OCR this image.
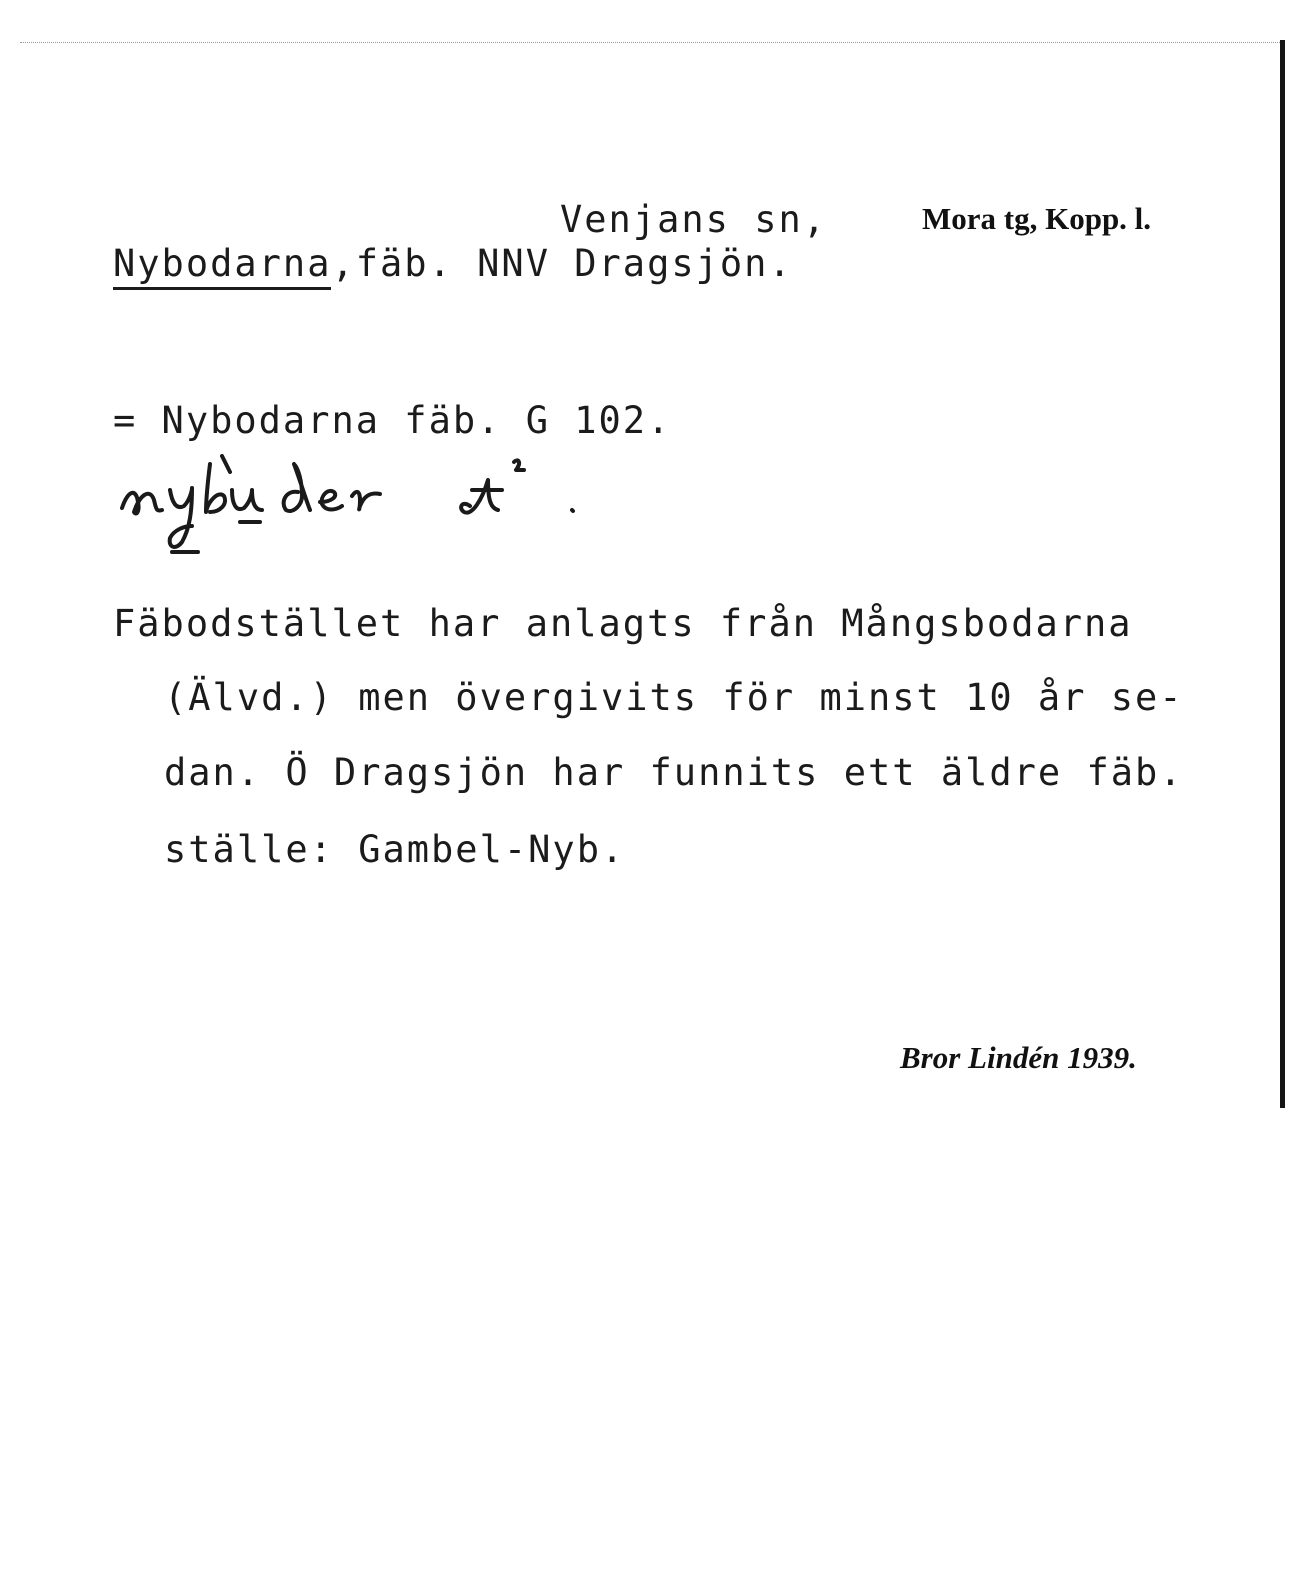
Venjans sn,	Mora tg, Kopp. l.
Nybodarna,fäb. NNV Dragsjön.
= Nybodarna fäb. G 102.
Fäbodstället har anlagts från Mångsbodarna
(Älvd.) men övergivits för minst 10 år se-
dan. Ö Dragsjön har funnits ett äldre fäb.
ställe: Gambel-Nyb.
Bror Lindén 1939.
